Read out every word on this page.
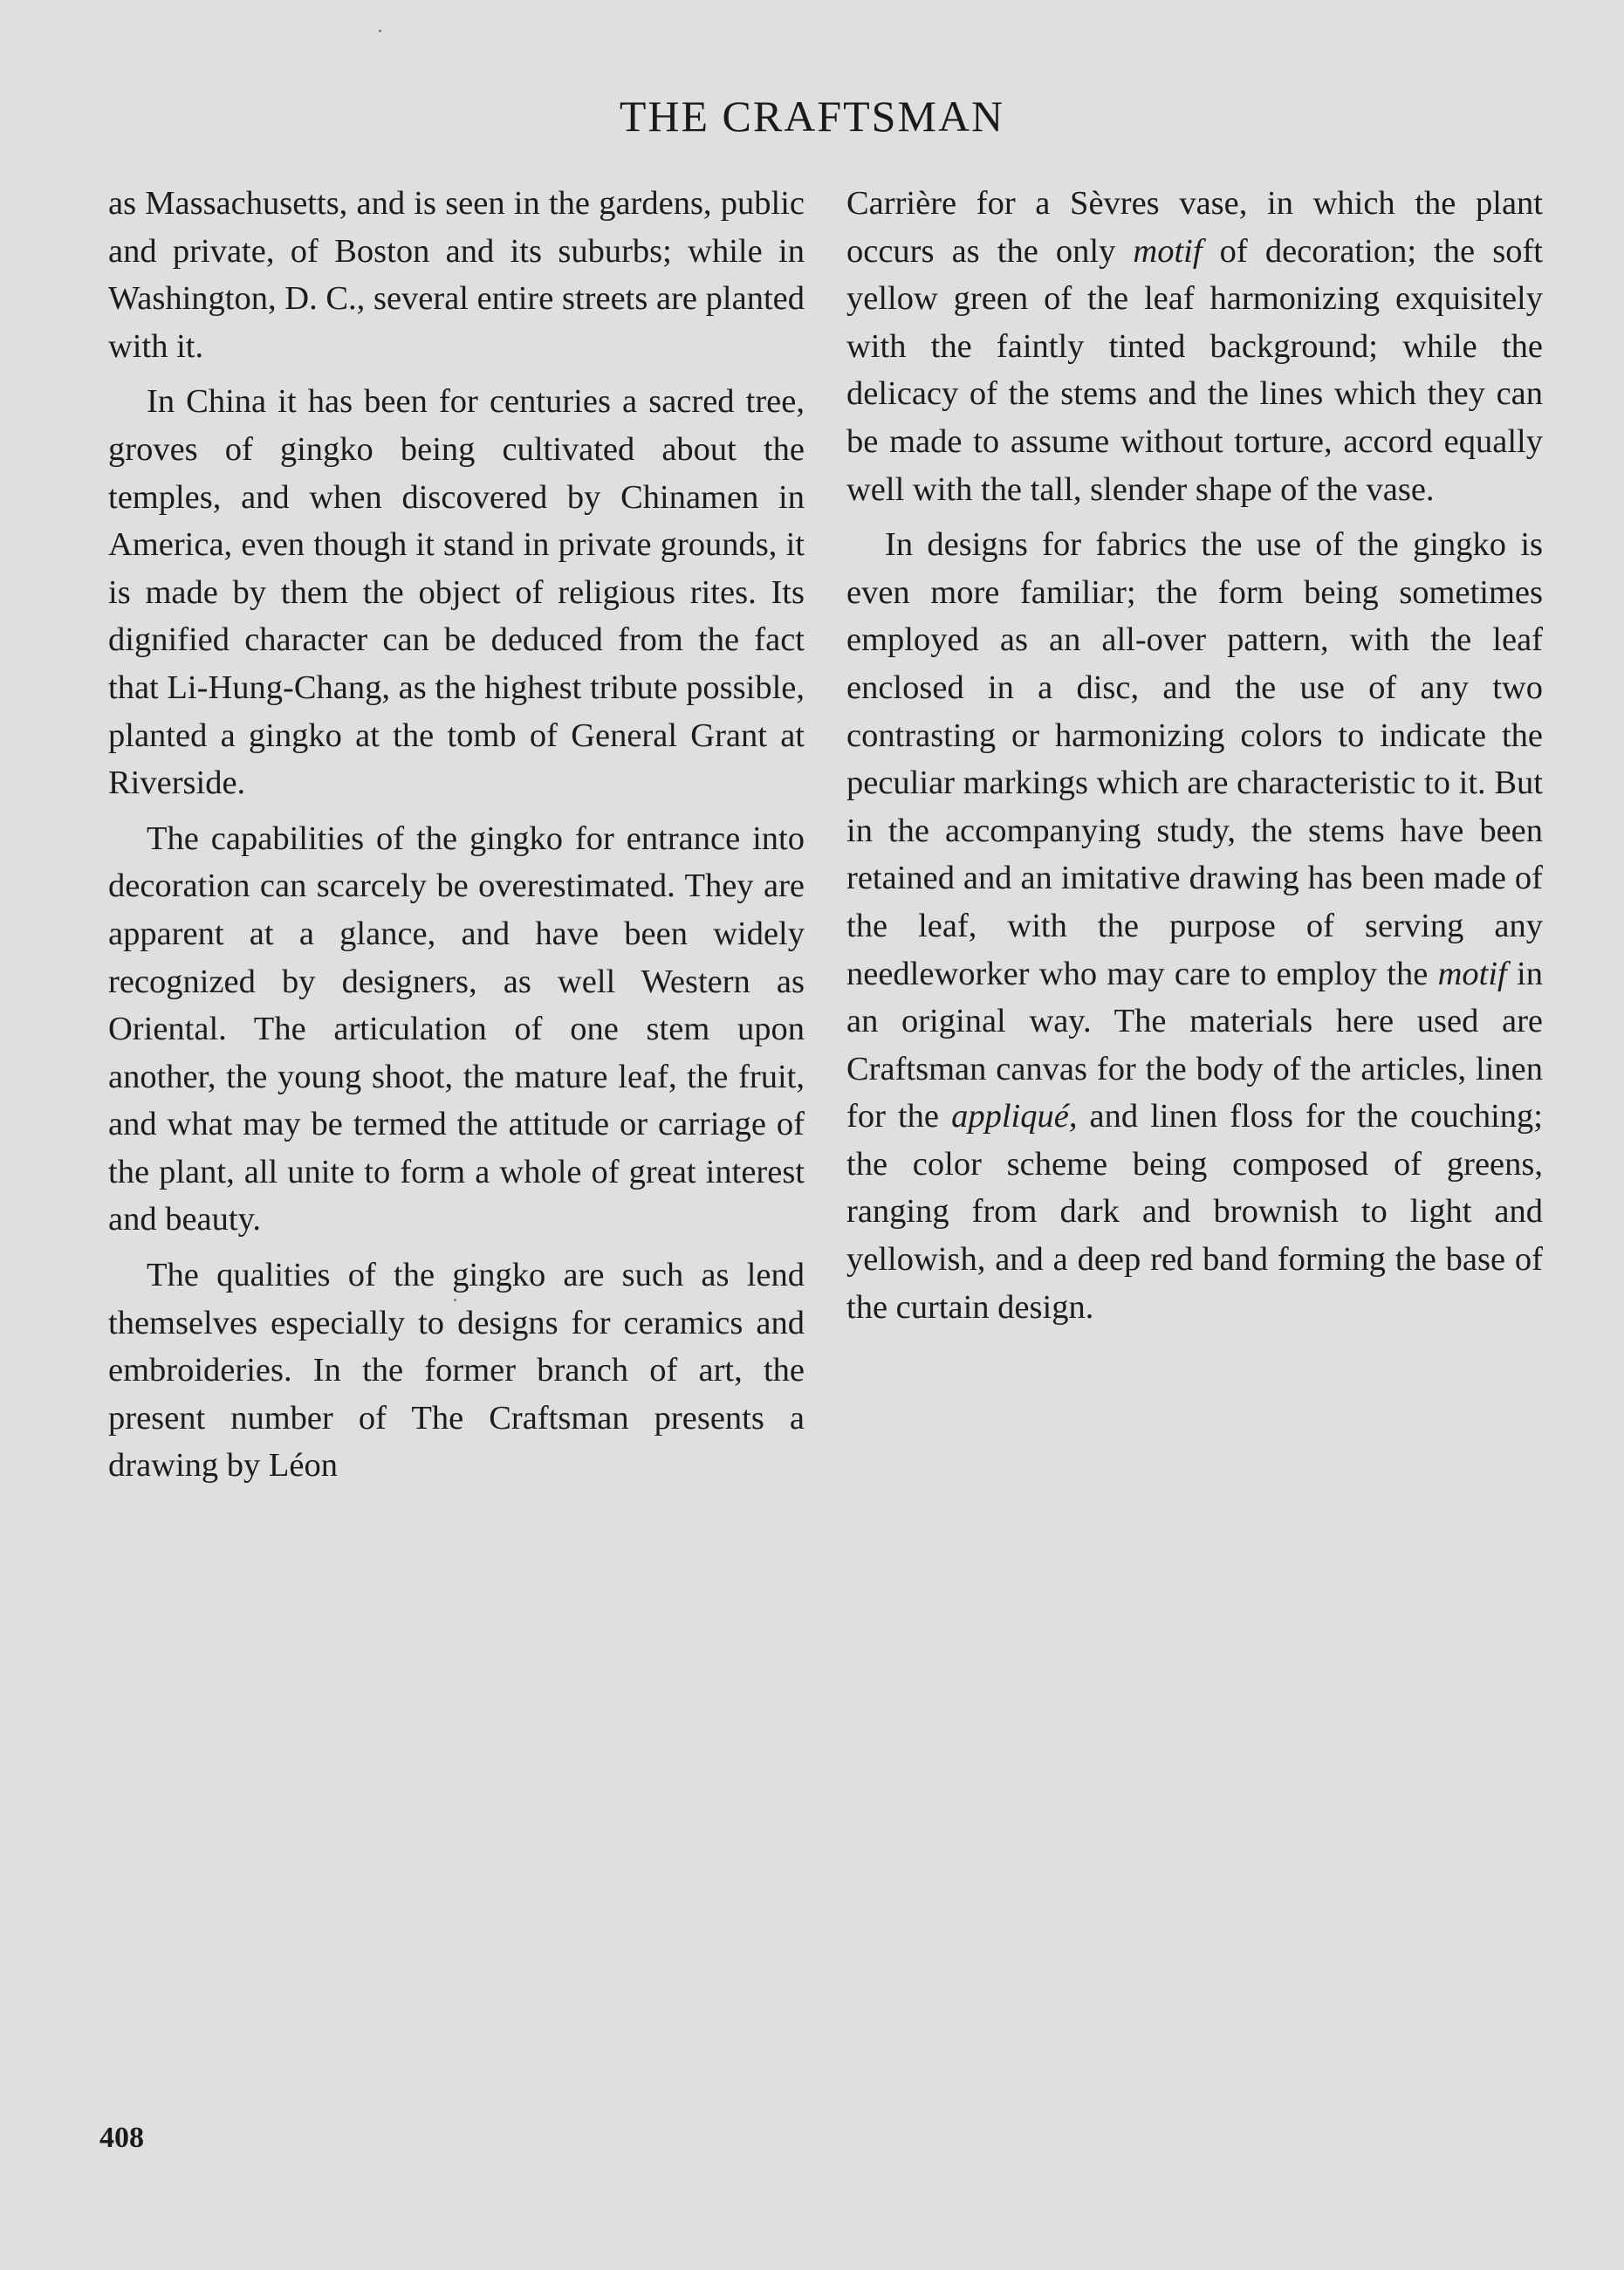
THE CRAFTSMAN

as Massachusetts, and is seen in the gardens, public and private, of Boston and its suburbs; while in Washington, D. C., several entire streets are planted with it.

In China it has been for centuries a sacred tree, groves of gingko being cultivated about the temples, and when discovered by Chinamen in America, even though it stand in private grounds, it is made by them the object of religious rites. Its dignified character can be deduced from the fact that Li-Hung-Chang, as the highest tribute possible, planted a gingko at the tomb of General Grant at Riverside.

The capabilities of the gingko for entrance into decoration can scarcely be overestimated. They are apparent at a glance, and have been widely recognized by designers, as well Western as Oriental. The articulation of one stem upon another, the young shoot, the mature leaf, the fruit, and what may be termed the attitude or carriage of the plant, all unite to form a whole of great interest and beauty.

The qualities of the gingko are such as lend themselves especially to designs for ceramics and embroideries. In the former branch of art, the present number of The Craftsman presents a drawing by Léon

Carrière for a Sèvres vase, in which the plant occurs as the only motif of decoration; the soft yellow green of the leaf harmonizing exquisitely with the faintly tinted background; while the delicacy of the stems and the lines which they can be made to assume without torture, accord equally well with the tall, slender shape of the vase.

In designs for fabrics the use of the gingko is even more familiar; the form being sometimes employed as an all-over pattern, with the leaf enclosed in a disc, and the use of any two contrasting or harmonizing colors to indicate the peculiar markings which are characteristic to it. But in the accompanying study, the stems have been retained and an imitative drawing has been made of the leaf, with the purpose of serving any needleworker who may care to employ the motif in an original way. The materials here used are Craftsman canvas for the body of the articles, linen for the appliqué, and linen floss for the couching; the color scheme being composed of greens, ranging from dark and brownish to light and yellowish, and a deep red band forming the base of the curtain design.

408
